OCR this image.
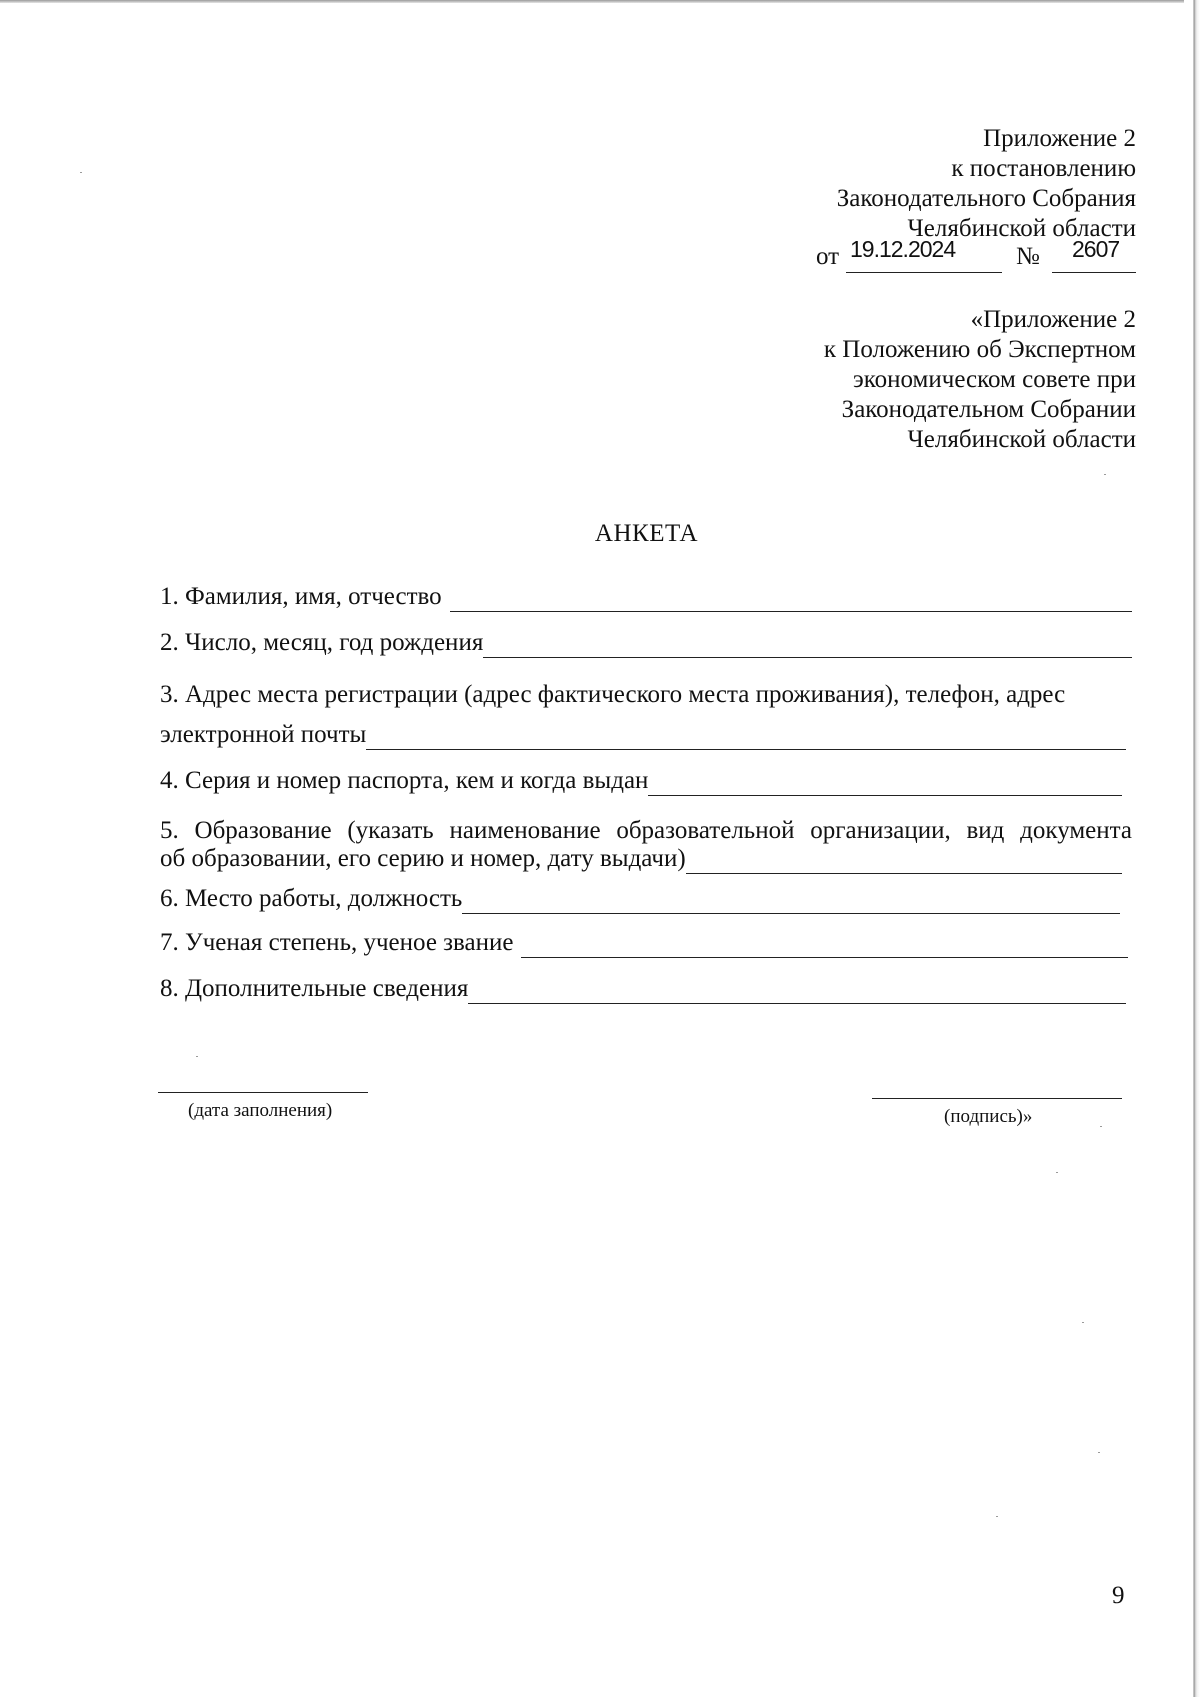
Приложение 2
к постановлению
Законодательного Собрания
Челябинской области
от 19.12.2024 № 2607
«Приложение 2
к Положению об Экспертном
экономическом совете при
Законодательном Собрании
Челябинской области
АНКЕТА
1. Фамилия, имя, отчество
2. Число, месяц, год рождения
3. Адрес места регистрации (адрес фактического места проживания), телефон, адрес
электронной почты
4. Серия и номер паспорта, кем и когда выдан
5. Образование (указать наименование образовательной организации, вид документа
об образовании, его серию и номер, дату выдачи)
6. Место работы, должность
7. Ученая степень, ученое звание
8. Дополнительные сведения
(дата заполнения)	(подпись)»
9
